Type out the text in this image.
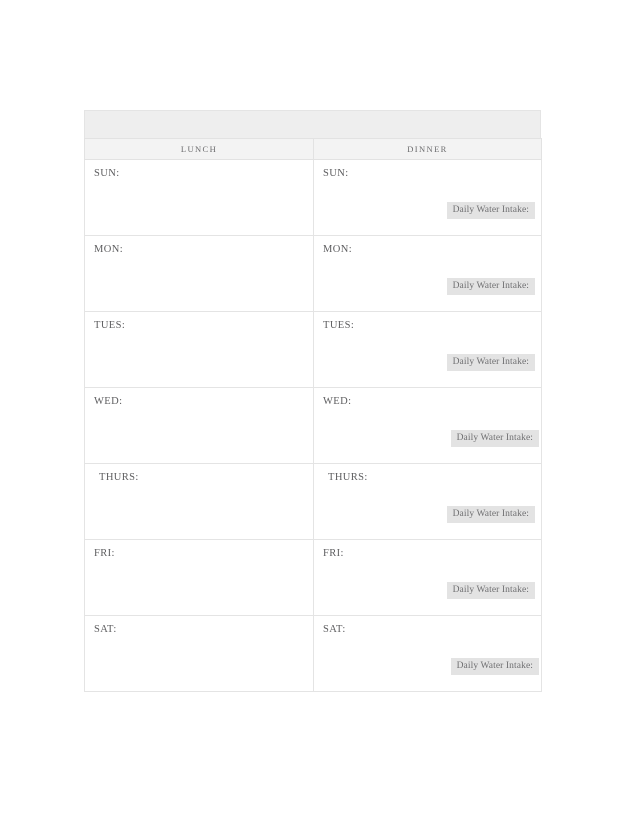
LUNCH	DINNER

SUN:	SUN:
Daily Water Intake:

MON:	MON:
Daily Water Intake:

TUES:	TUES:
Daily Water Intake:

WED:	WED:
Daily Water Intake:

THURS:	THURS:
Daily Water Intake:

FRI:	FRI:
Daily Water Intake:

SAT:	SAT:
Daily Water Intake:
